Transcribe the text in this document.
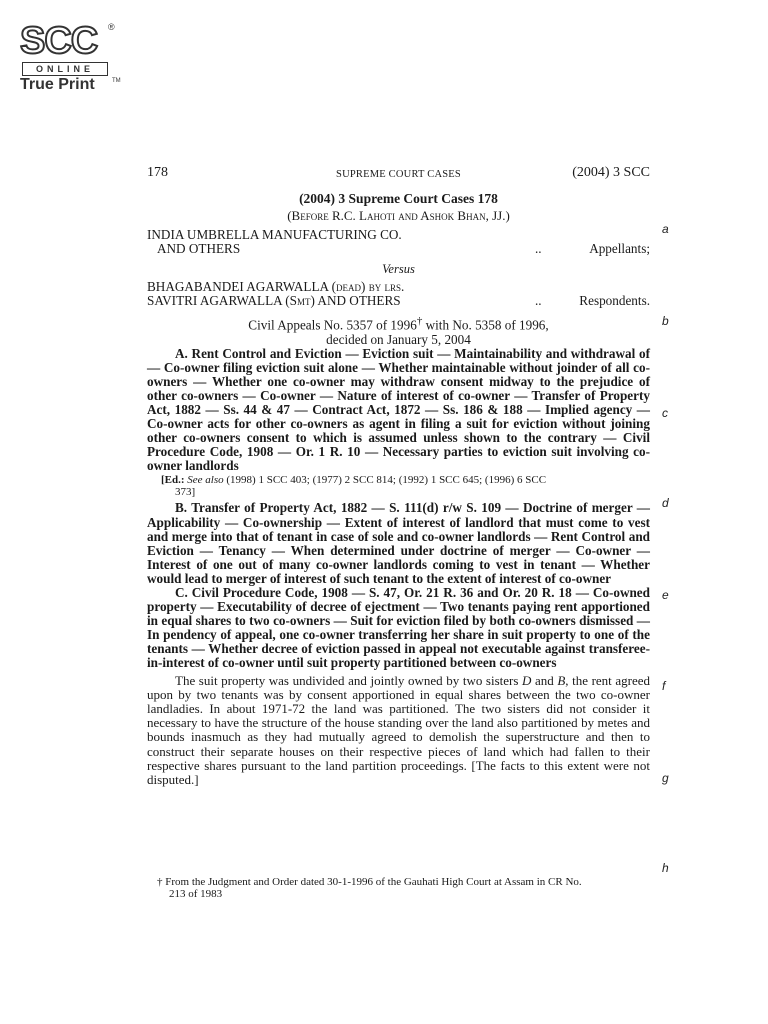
SCC ®
ONLINE
True Print	TM
178	SUPREME COURT CASES	(2004) 3 SCC
(2004) 3 Supreme Court Cases 178
(Before R.C. Lahoti and Ashok Bhan, JJ.)
INDIA UMBRELLA MANUFACTURING CO.
AND OTHERS	..	Appellants;
Versus
BHAGABANDEI AGARWALLA (dead) by lrs.
SAVITRI AGARWALLA (Smt) AND OTHERS	..	Respondents.
Civil Appeals No. 5357 of 1996† with No. 5358 of 1996,
decided on January 5, 2004
A. Rent Control and Eviction — Eviction suit — Maintainability and withdrawal of — Co-owner filing eviction suit alone — Whether maintainable without joinder of all co-owners — Whether one co-owner may withdraw consent midway to the prejudice of other co-owners — Co-owner — Nature of interest of co-owner — Transfer of Property Act, 1882 — Ss. 44 & 47 — Contract Act, 1872 — Ss. 186 & 188 — Implied agency — Co-owner acts for other co-owners as agent in filing a suit for eviction without joining other co-owners consent to which is assumed unless shown to the contrary — Civil Procedure Code, 1908 — Or. 1 R. 10 — Necessary parties to eviction suit involving co-owner landlords
[Ed.: See also (1998) 1 SCC 403; (1977) 2 SCC 814; (1992) 1 SCC 645; (1996) 6 SCC
373]
B. Transfer of Property Act, 1882 — S. 111(d) r/w S. 109 — Doctrine of merger — Applicability — Co-ownership — Extent of interest of landlord that must come to vest and merge into that of tenant in case of sole and co-owner landlords — Rent Control and Eviction — Tenancy — When determined under doctrine of merger — Co-owner — Interest of one out of many co-owner landlords coming to vest in tenant — Whether would lead to merger of interest of such tenant to the extent of interest of co-owner
C. Civil Procedure Code, 1908 — S. 47, Or. 21 R. 36 and Or. 20 R. 18 — Co-owned property — Executability of decree of ejectment — Two tenants paying rent apportioned in equal shares to two co-owners — Suit for eviction filed by both co-owners dismissed — In pendency of appeal, one co-owner transferring her share in suit property to one of the tenants — Whether decree of eviction passed in appeal not executable against transferee-in-interest of co-owner until suit property partitioned between co-owners
The suit property was undivided and jointly owned by two sisters D and B, the rent agreed upon by two tenants was by consent apportioned in equal shares between the two co-owner landladies. In about 1971-72 the land was partitioned. The two sisters did not consider it necessary to have the structure of the house standing over the land also partitioned by metes and bounds inasmuch as they had mutually agreed to demolish the superstructure and then to construct their separate houses on their respective pieces of land which had fallen to their respective shares pursuant to the land partition proceedings. [The facts to this extent were not disputed.]
† From the Judgment and Order dated 30-1-1996 of the Gauhati High Court at Assam in CR No.
213 of 1983
a
b
c
d
e
f
g
h
